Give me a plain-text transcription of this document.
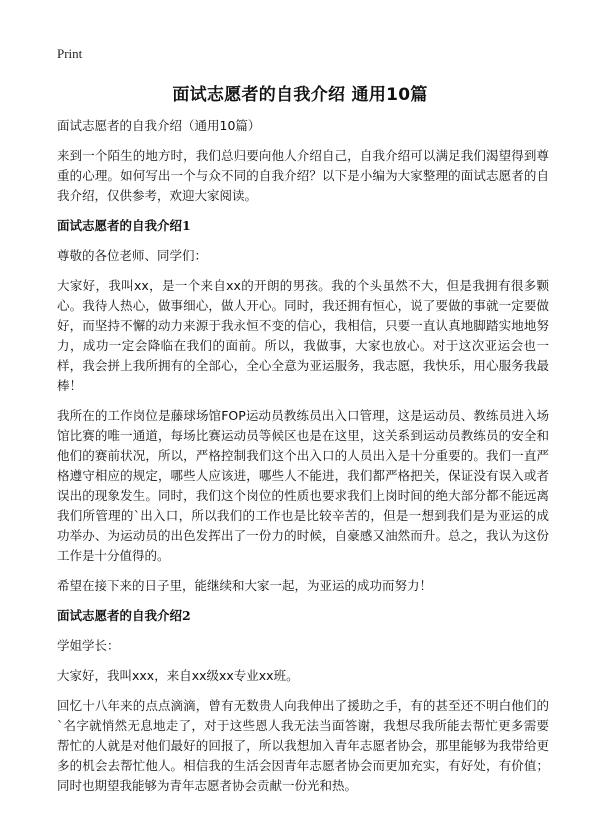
Print
面试志愿者的自我介绍 通用10篇

面试志愿者的自我介绍（通用10篇）

来到一个陌生的地方时，我们总归要向他人介绍自己，自我介绍可以满足我们渴望得到尊重的心理。如何写出一个与众不同的自我介绍？以下是小编为大家整理的面试志愿者的自我介绍，仅供参考，欢迎大家阅读。

面试志愿者的自我介绍1

尊敬的各位老师、同学们：

大家好，我叫xx，是一个来自xx的开朗的男孩。我的个头虽然不大，但是我拥有很多颗心。我待人热心，做事细心，做人开心。同时，我还拥有恒心，说了要做的事就一定要做好，而坚持不懈的动力来源于我永恒不变的信心，我相信，只要一直认真地脚踏实地地努力，成功一定会降临在我们的面前。所以，我做事，大家也放心。对于这次亚运会也一样，我会拼上我所拥有的全部心，全心全意为亚运服务，我志愿，我快乐，用心服务我最棒！

我所在的工作岗位是藤球场馆FOP运动员教练员出入口管理，这是运动员、教练员进入场馆比赛的唯一通道，每场比赛运动员等候区也是在这里，这关系到运动员教练员的安全和他们的赛前状况，所以，严格控制我们这个出入口的人员出入是十分重要的。我们一直严格遵守相应的规定，哪些人应该进，哪些人不能进，我们都严格把关，保证没有误入或者误出的现象发生。同时，我们这个岗位的性质也要求我们上岗时间的绝大部分都不能远离我们所管理的`出入口，所以我们的工作也是比较辛苦的，但是一想到我们是为亚运的成功举办、为运动员的出色发挥出了一份力的时候，自豪感又油然而升。总之，我认为这份工作是十分值得的。

希望在接下来的日子里，能继续和大家一起，为亚运的成功而努力！

面试志愿者的自我介绍2

学姐学长：

大家好，我叫xxx，来自xx级xx专业xx班。

回忆十八年来的点点滴滴，曾有无数贵人向我伸出了援助之手，有的甚至还不明白他们的`名字就悄然无息地走了，对于这些恩人我无法当面答谢，我想尽我所能去帮忙更多需要帮忙的人就是对他们最好的回报了，所以我想加入青年志愿者协会，那里能够为我带给更多的机会去帮忙他人。相信我的生活会因青年志愿者协会而更加充实，有好处，有价值；同时也期望我能够为青年志愿者协会贡献一份光和热。
